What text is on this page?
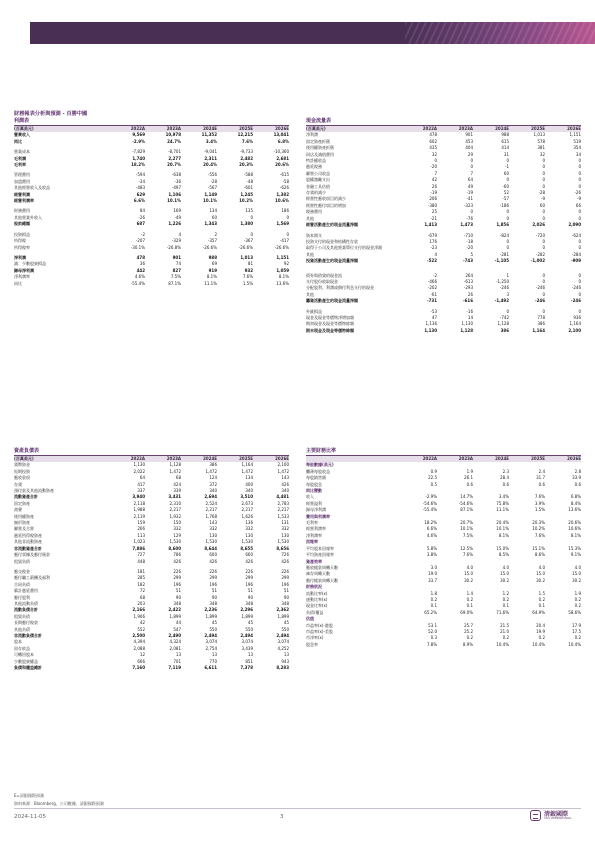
財務報表分析與預測 - 百勝中國
利潤表
(百萬美元)	2022A	2023A	2024E	2025E	2026E
營業收入	9,569	10,978	11,352	12,215	13,041
同比	-2.9%	24.7%	3.4%	7.6%	6.8%

營業成本	-7,829	-8,701	-9,041	-9,733	-10,360
毛利潤	1,740	2,277	2,311	2,482	2,681
毛利率	18.2%	20.7%	20.4%	20.3%	20.6%

管理費用	-594	-638	-556	-588	-615
加盟費用	-34	-36	-28	-48	-58
其他經營收入及收益	-483	-497	-567	-601	-626
經營利潤	629	1,106	1,149	1,245	1,382
經營利潤率	6.6%	10.1%	10.1%	10.2%	10.6%

財務費用	84	169	134	135	186
其他營業外收入	-26	-49	60	0	0
稅前總額	687	1,226	1,343	1,380	1,569

投資損益	-2	4	2	0	0
所得稅	-207	-329	-357	-367	-417
所得稅率	-30.1%	-26.8%	-26.6%	-26.6%	-26.6%

淨利潤	478	901	988	1,013	1,151
減：少數股東損益	36	74	69	81	92
歸母淨利潤	442	827	919	932	1,059
淨利潤率	4.6%	7.5%	8.1%	7.6%	8.1%
同比	-55.4%	87.1%	11.1%	1.5%	13.6%
現金流量表
(百萬美元)	2022A	2023A	2024E	2025E	2026E
淨利潤	478	901	988	1,013	1,151
固定資產折舊	602	453	615	578	519
使用權資產折舊	435	404	414	381	354
同店及減值費用	32	29	31	32	34
特許權收益	0	0	0	0	0
遞延稅務	-20	0	-1	0	0
聯營公司收益	7	7	60	0	0
股權激勵支出	42	64	0	0	0
金融工具估值	26	49	-60	0	0
存貨的減少	-19	-19	52	-28	-26
經營性應收項目的減少	206	-41	-57	-9	-9
經營性應付項目的增加	-380	-323	-186	60	66
稅務費用	25	0	0	0	0
其他	-21	-76	0	0	0
經營活動產生的現金流量淨額	1,413	1,473	1,856	2,026	2,090

資本開支	-679	-710	-824	-720	-624
投資支付的現金和結構性存款	176	-18	0	0	0
取得子公司及其他營業單位支付的現金淨額	-23	-20	0	0	0
其他	4	5	-281	-282	-284
投資活動產生的現金流量淨額	-522	-743	-1,105	-1,002	-909

債券與借貸的現金流	-2	264	1	0	0
支付股份收取現金	-466	-613	-1,250	0	0
分配股利、利潤或償付利息支付的現金	-202	-293	-246	-246	-246
其他	-61	26	3	0	0
籌資活動產生的現金流量淨額	-731	-616	-1,492	-246	-246

外匯損益	-53	-16	0	0	0
現金及現金等價物淨增加額	47	14	-742	778	936
期初現金及現金等價物餘額	1,136	1,130	1,128	386	1,164
期末現金及現金等價物餘額	1,130	1,128	386	1,164	2,100
資產負債表
(百萬美元)	2022A	2023A	2024E	2025E	2026E
貨幣資金	1,130	1,128	386	1,164	2,100
短期投資	2,022	1,472	1,472	1,472	1,472
應收款項	64	68	124	134	143
存貨	417	424	372	400	426
預付款及其他流動資產	337	339	340	340	340
流動資產合計	3,940	3,431	2,694	3,510	4,481
固定資產	2,118	2,310	2,524	2,673	2,783
商譽	1,988	2,217	2,217	2,217	2,217
使用權資產	2,119	1,932	1,768	1,626	1,533
無形資產	159	150	143	136	131
聯營及合營	266	332	332	332	332
遞延所得稅資產	113	129	130	130	130
其他非流動資產	1,023	1,530	1,530	1,530	1,530
非流動資產合計	7,886	8,600	8,644	8,655	8,656
應付票據及應付賬款	727	786	600	660	726
租賃負債	448	426	426	426	426

應交稅金	181	226	226	226	226
應付職工薪酬及福利	285	299	299	299	299
合同負債	182	196	196	196	196
累計遞延費用	72	51	51	51	51
應付股利	68	90	90	90	90
其他流動負債	203	348	348	348	348
流動負債合計	2,166	2,422	2,236	2,296	2,362
租賃負債	1,906	1,899	1,899	1,899	1,899
長期應付稅款	42	44	45	45	45
其他負債	552	547	550	550	550
非流動負債合計	2,500	2,490	2,494	2,494	2,494
股本	4,394	4,324	3,074	3,074	3,074
留存收益	2,088	2,081	2,754	3,439	4,252
可轉回股本	12	13	13	13	13
少數股東權益	666	701	770	851	943
負債和權益總計	7,160	7,119	6,611	7,378	8,283
主要財務比率
	2022A	2023A	2024E	2025E	2026E
每股數據(美元)					
攤薄每股收益	0.9	1.9	2.3	2.4	2.8
每股銷售額	22.5	26.1	28.4	31.7	33.9
每股股息	0.5	0.6	0.6	0.6	0.6
同比變動					
收入	-2.9%	14.7%	3.4%	7.6%	6.8%
經營溢利	-54.6%	-54.6%	75.8%	3.9%	8.4%
歸母淨利潤	-55.4%	87.1%	11.1%	1.5%	13.6%
費用與利潤率					
毛利率	18.2%	20.7%	20.4%	20.3%	20.6%
經營利潤率	6.6%	10.1%	10.1%	10.2%	10.6%
淨利潤率	4.6%	7.5%	8.1%	7.6%	8.1%
回報率					
平均股本回報率	5.8%	12.5%	15.0%	15.1%	15.3%
平均資產回報率	3.8%	7.6%	8.5%	8.6%	9.1%
資產效率					
應收帳款周轉天數	3.0	4.0	4.0	4.0	4.0
庫存周轉天數	19.0	15.0	15.0	15.0	15.0
應付帳款周轉天數	33.7	30.2	30.2	30.2	30.2
財務狀況					
流動比率(x)	1.8	1.4	1.2	1.5	1.9
速動比率(x)	0.2	0.2	0.2	0.2	0.2
現金比率(x)	0.1	0.1	0.1	0.1	0.2
負債/權益	65.2%	69.0%	71.6%	64.9%	58.6%
估值					
市盈率(x)-港股	53.1	25.7	21.5	20.4	17.9
市盈率(x)-美股	52.0	25.2	21.0	19.9	17.5
市淨率(x)	0.3	0.2	0.2	0.2	0.2
股息率	7.8%	8.9%	10.4%	10.4%	10.4%
E=清銀國際預測
資料來源：Bloomberg、公司數據、清銀國際預測
2024-11-05	3	清銀國際
CSCI INTERNATIONAL
